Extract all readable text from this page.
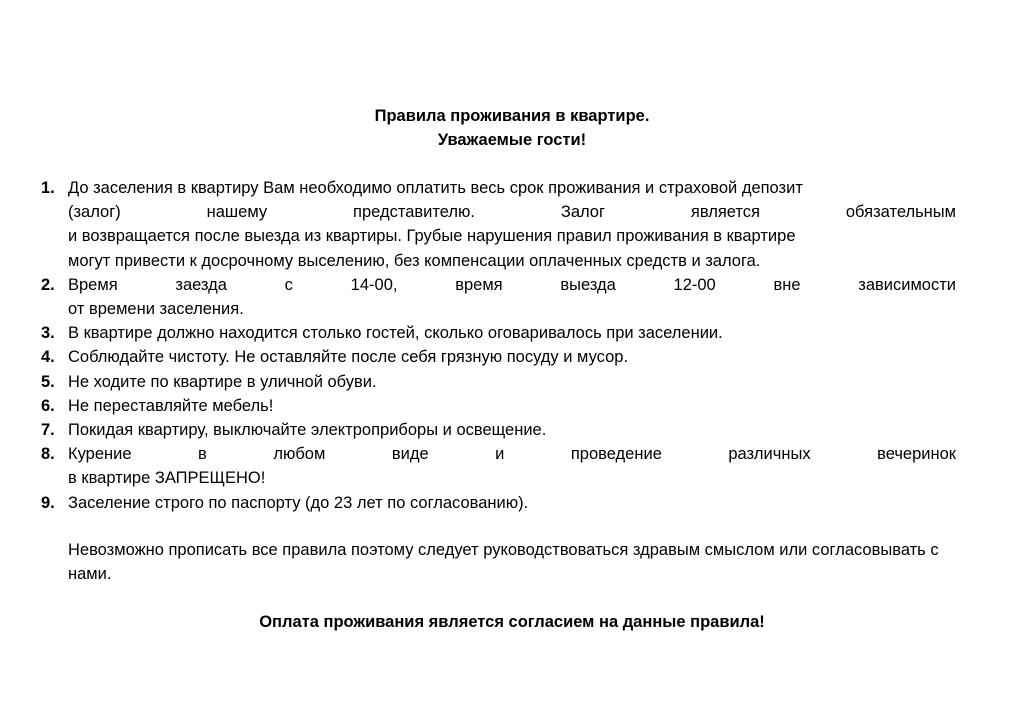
Правила проживания в квартире.
Уважаемые гости!
1. До заселения в квартиру Вам необходимо оплатить весь срок проживания и страховой депозит
(залог) нашему представителю. Залог является обязательным
и возвращается после выезда из квартиры. Грубые нарушения правил проживания в квартире
могут привести к досрочному выселению, без компенсации оплаченных средств и залога.
2. Время заезда с 14-00, время выезда 12-00 вне зависимости
от времени заселения.
3. В квартире должно находится столько гостей, сколько оговаривалось при заселении.
4. Соблюдайте чистоту. Не оставляйте после себя грязную посуду и мусор.
5. Не ходите по квартире в уличной обуви.
6. Не переставляйте мебель!
7. Покидая квартиру, выключайте электроприборы и освещение.
8. Курение в любом виде и проведение различных вечеринок
в квартире ЗАПРЕЩЕНО!
9. Заселение строго по паспорту (до 23 лет по согласованию).

Невозможно прописать все правила поэтому следует руководствоваться здравым смыслом или согласовывать с нами.

Оплата проживания является согласием на данные правила!
